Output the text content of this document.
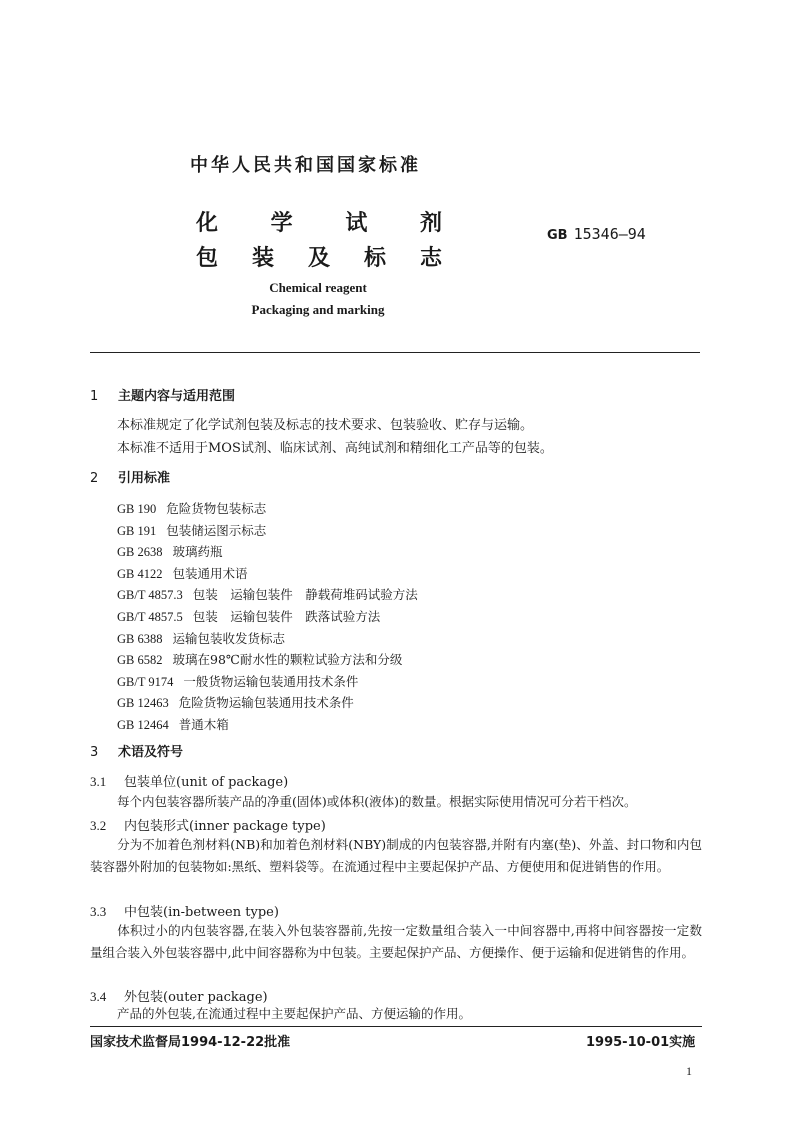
中华人民共和国国家标准
化 学 试 剂
包 装 及 标 志
GB 15346—94
Chemical reagent
Packaging and marking
1 主题内容与适用范围
本标准规定了化学试剂包装及标志的技术要求、包装验收、贮存与运输。
本标准不适用于MOS试剂、临床试剂、高纯试剂和精细化工产品等的包装。
2 引用标准
GB 190 危险货物包装标志
GB 191 包装储运图示标志
GB 2638 玻璃药瓶
GB 4122 包装通用术语
GB/T 4857.3 包装　运输包装件　静载荷堆码试验方法
GB/T 4857.5 包装　运输包装件　跌落试验方法
GB 6388 运输包装收发货标志
GB 6582 玻璃在98℃耐水性的颗粒试验方法和分级
GB/T 9174 一般货物运输包装通用技术条件
GB 12463 危险货物运输包装通用技术条件
GB 12464 普通木箱
3 术语及符号
3.1 包装单位(unit of package)
每个内包装容器所装产品的净重(固体)或体积(液体)的数量。根据实际使用情况可分若干档次。
3.2 内包装形式(inner package type)
分为不加着色剂材料(NB)和加着色剂材料(NBY)制成的内包装容器,并附有内塞(垫)、外盖、封口物和内包装容器外附加的包装物如:黑纸、塑料袋等。在流通过程中主要起保护产品、方便使用和促进销售的作用。
3.3 中包装(in-between type)
体积过小的内包装容器,在装入外包装容器前,先按一定数量组合装入一中间容器中,再将中间容器按一定数量组合装入外包装容器中,此中间容器称为中包装。主要起保护产品、方便操作、便于运输和促进销售的作用。
3.4 外包装(outer package)
产品的外包装,在流通过程中主要起保护产品、方便运输的作用。
国家技术监督局1994-12-22批准	1995-10-01实施
1
